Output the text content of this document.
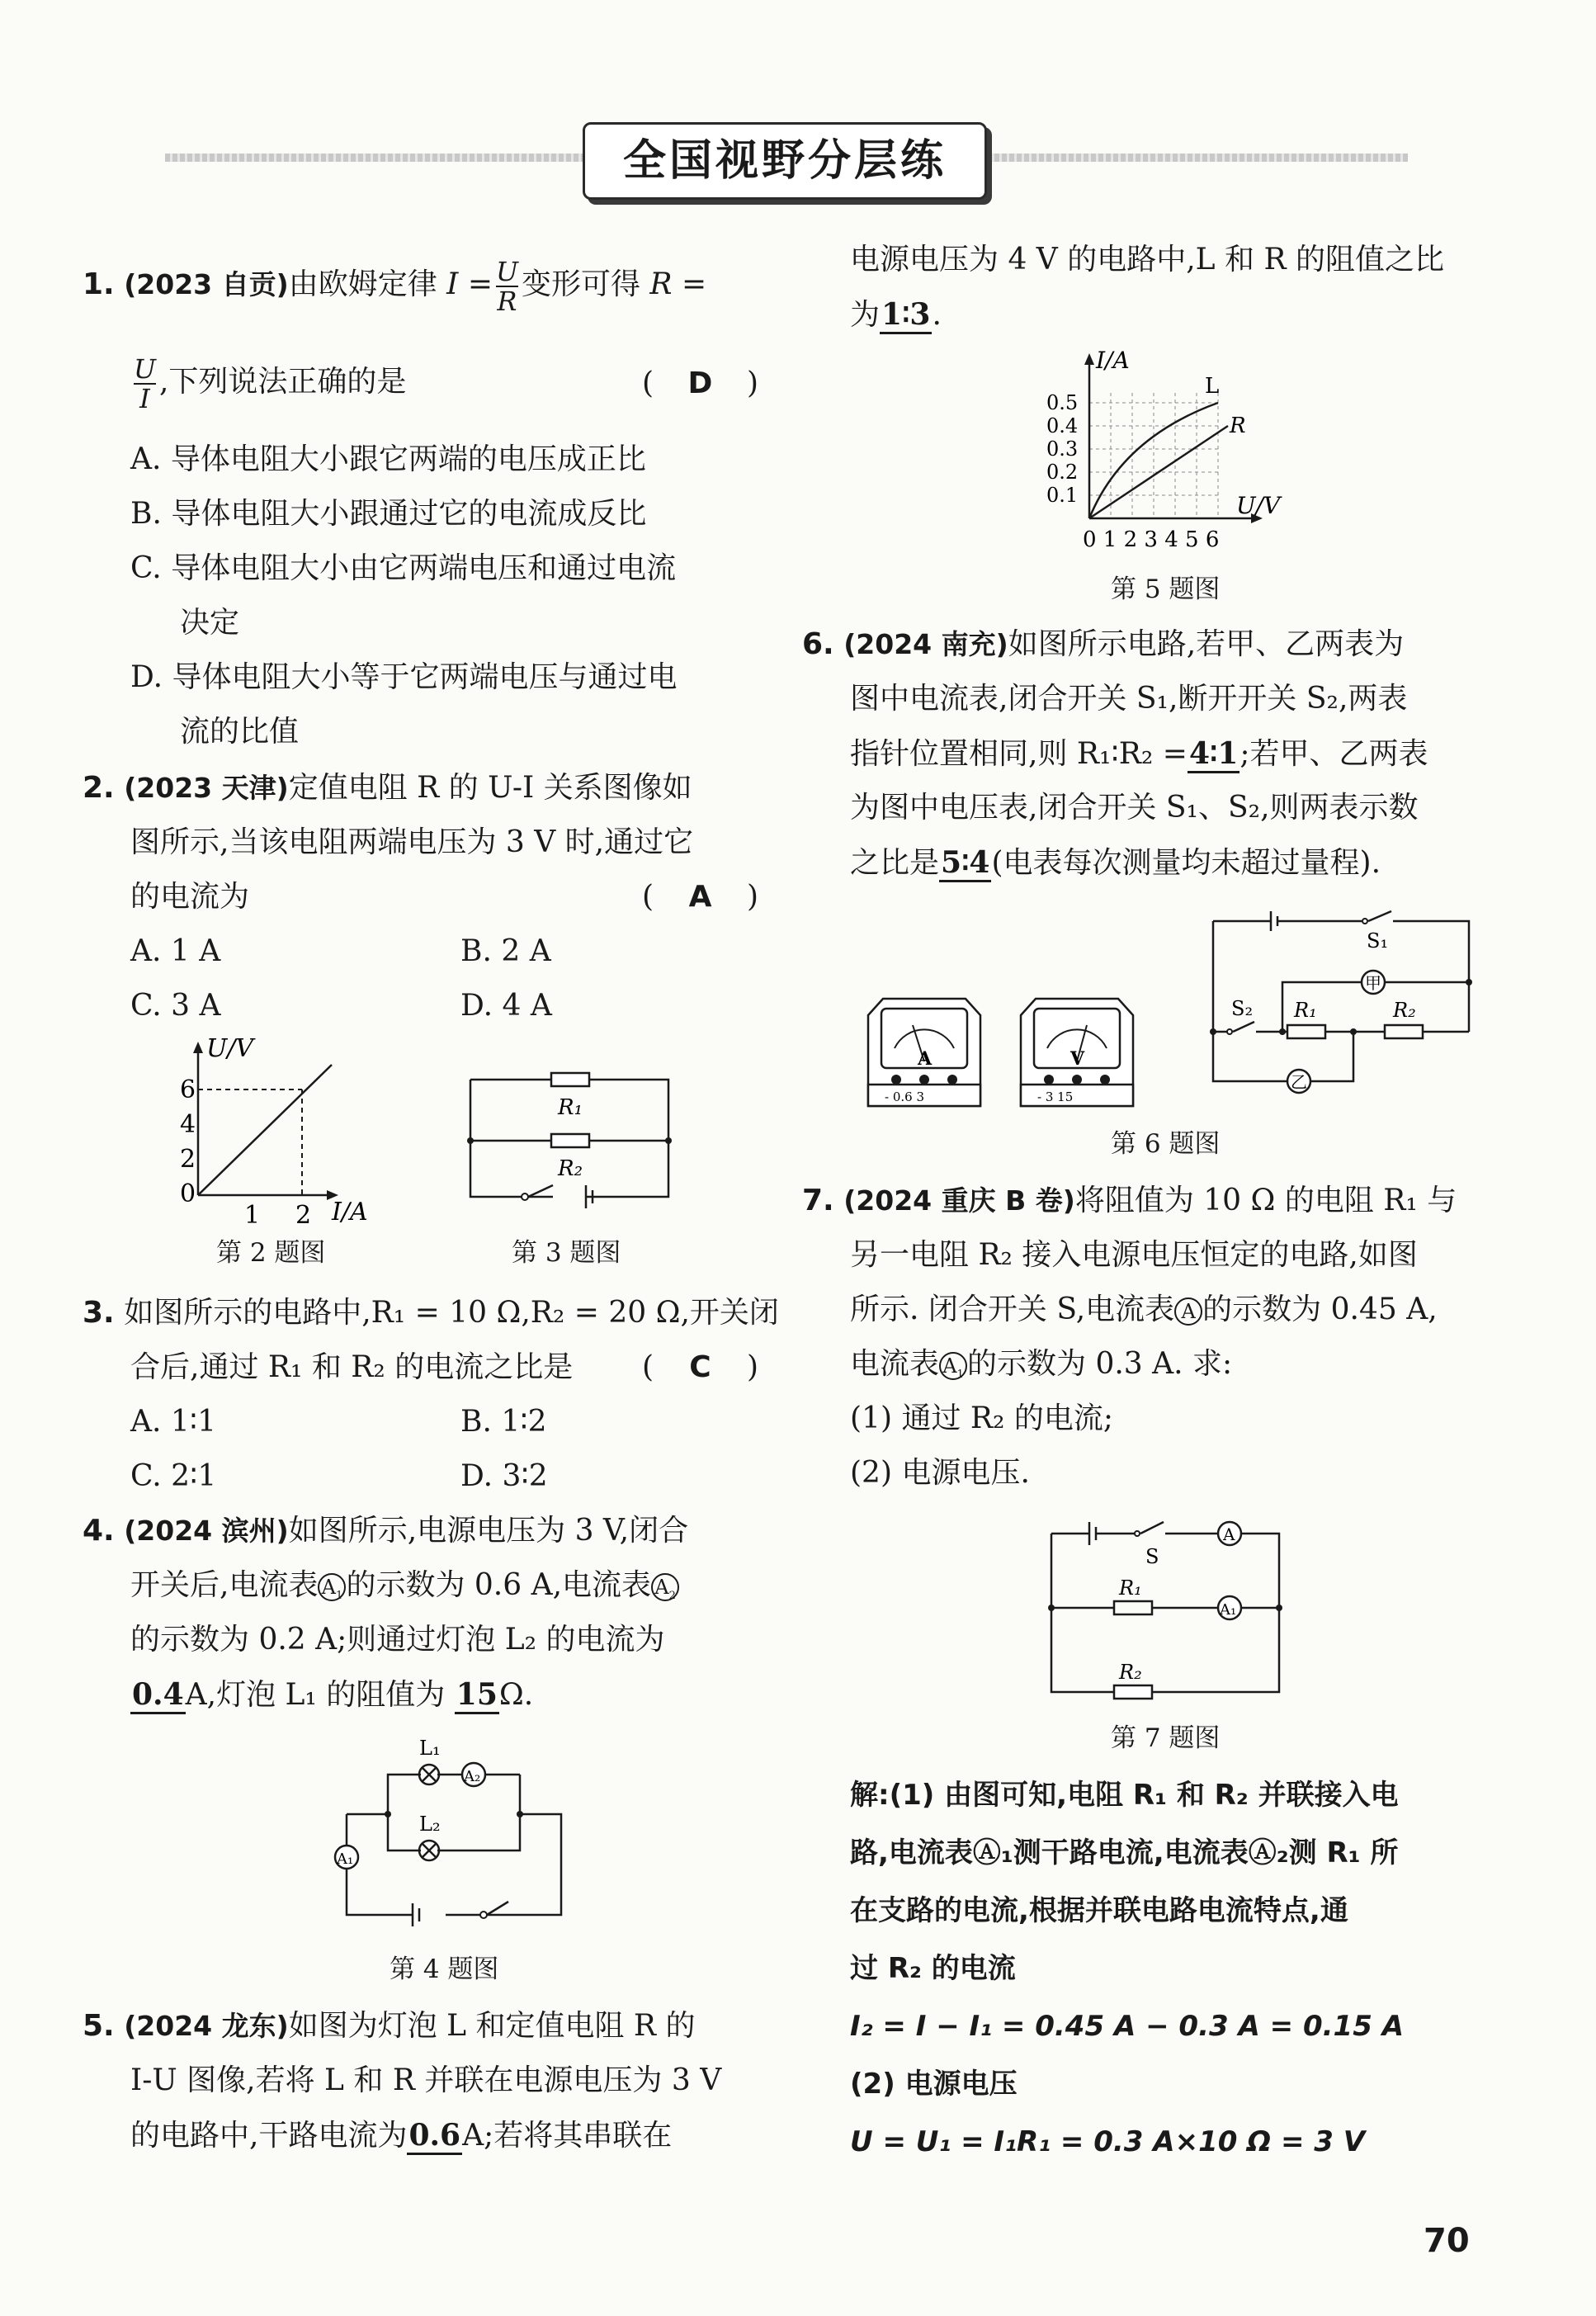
全国视野分层练
1. (2023 自贡)由欧姆定律 $I = \frac{U}{R}$ 变形可得 R =
$\frac{U}{I}$ ,下列说法正确的是	( D )
A. 导体电阻大小跟它两端的电压成正比
B. 导体电阻大小跟通过它的电流成反比
C. 导体电阻大小由它两端电压和通过电流
决定
D. 导体电阻大小等于它两端电压与通过电
流的比值
2. (2023 天津)定值电阻 R 的 U-I 关系图像如
图所示,当该电阻两端电压为 3 V 时,通过它
的电流为	( A )
A. 1 A	B. 2 A
C. 3 A	D. 4 A
U/V
I/A
6
4
2
0
1 2
第 2 题图
R₁
R₂
第 3 题图
3. 如图所示的电路中,R₁ = 10 Ω,R₂ = 20 Ω,开关闭
合后,通过 R₁ 和 R₂ 的电流之比是 ( C )
A. 1∶1	B. 1∶2
C. 2∶1	D. 3∶2
4. (2024 滨州)如图所示,电源电压为 3 V,闭合
开关后,电流表 $A_1$ 的示数为 0.6 A,电流表 $A_2$
的示数为 0.2 A;则通过灯泡 L₂ 的电流为
0.4A,灯泡 L₁ 的阻值为 15Ω.
L₁
L₂
A₂
A₁
第 4 题图
5. (2024 龙东)如图为灯泡 L 和定值电阻 R 的
I-U 图像,若将 L 和 R 并联在电源电压为 3 V
的电路中,干路电流为0.6A;若将其串联在
电源电压为 4 V 的电路中,L 和 R 的阻值之比
为1∶3.
I/A
U/V
L
R
0.5
0.4
0.3
0.2
0.1
0 1 2 3 4 5 6
第 5 题图
6. (2024 南充)如图所示电路,若甲、乙两表为
图中电流表,闭合开关 S₁,断开开关 S₂,两表
指针位置相同,则 R₁∶R₂ =4∶1;若甲、乙两表
为图中电压表,闭合开关 S₁、S₂,则两表示数
之比是5∶4(电表每次测量均未超过量程).
A
- 0.6 3
V
- 3 15
S₁
S₂ R₁	R₂
甲
乙
第 6 题图
7. (2024 重庆 B 卷)将阻值为 10 Ω 的电阻 R₁ 与
另一电阻 R₂ 接入电源电压恒定的电路,如图
所示. 闭合开关 S,电流表 A 的示数为 0.45 A,
电流表 $A_1$ 的示数为 0.3 A. 求:
(1) 通过 R₂ 的电流;
(2) 电源电压.
S
R₁
R₂
A
A₁
第 7 题图
解:(1) 由图可知,电阻 R₁ 和 R₂ 并联接入电
路,电流表Ⓐ₁测干路电流,电流表Ⓐ₂测 R₁ 所
在支路的电流,根据并联电路电流特点,通
过 R₂ 的电流
I₂ = I − I₁ = 0.45 A − 0.3 A = 0.15 A
(2) 电源电压
U = U₁ = I₁R₁ = 0.3 A×10 Ω = 3 V
70
